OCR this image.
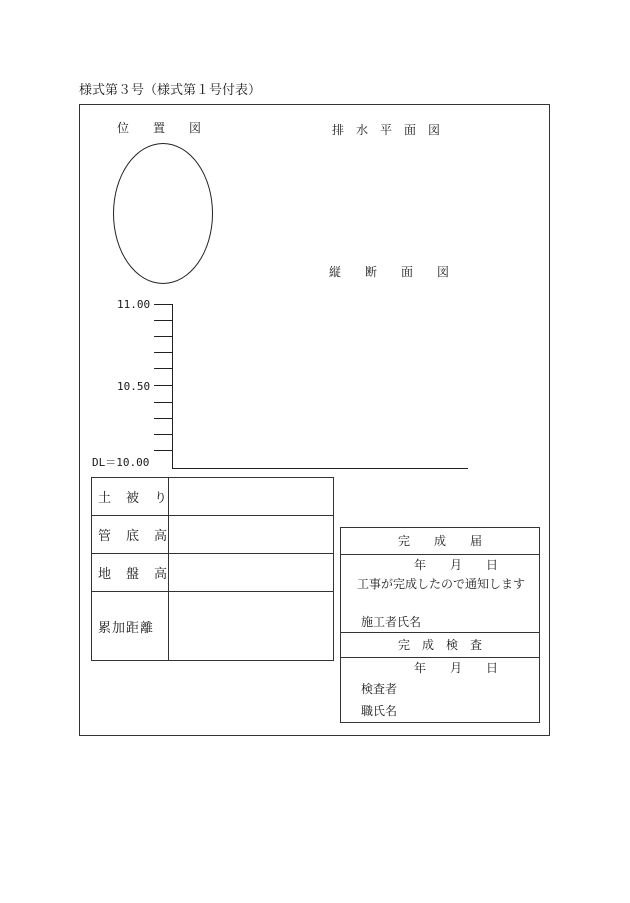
様式第３号（様式第１号付表）
位　　置　　図	排　水　平　面　図
縦　　断　　面　　図
11.00
10.50
DL＝10.00
土　被　り	
管　底　高	
地　盤　高	
累加距離	
完　　成　　届
年　　月　　日
　工事が完成したので通知します
施工者氏名
完　成　検　査
年　　月　　日
検査者
職氏名
